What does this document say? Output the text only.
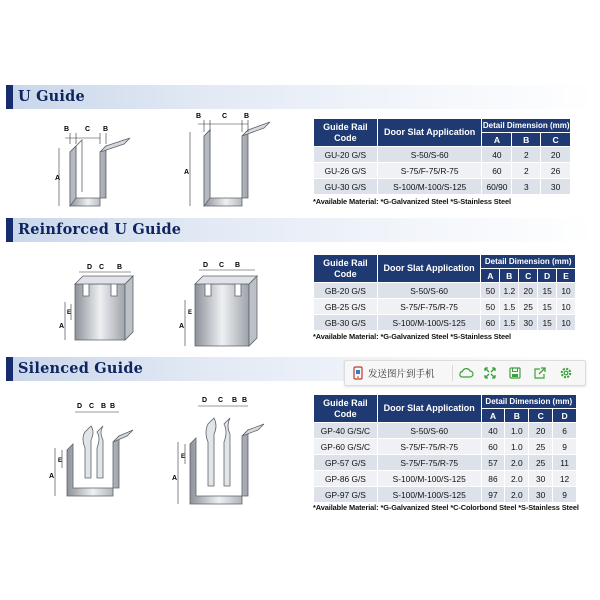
U Guide
B C B
A
B	C B
A
Guide Rail Code	Door Slat Application	Detail Dimension (mm)		
		A	B	C
GU-20 G/S	S-50/S-60	40	2	20
GU-26 G/S	S-75/F-75/R-75	60	2	26
GU-30 G/S	S-100/M-100/S-125	60/90	3	30
*Available Material: *G-Galvanized Steel *S-Stainless Steel
Reinforced U Guide
D C B
E
A
D C B
E
A
Guide Rail Code	Door Slat Application	Detail Dimension (mm)				
		A	B	C	D	E
GB-20 G/S	S-50/S-60	50	1.2	20	15	10
GB-25 G/S	S-75/F-75/R-75	50	1.5	25	15	10
GB-30 G/S	S-100/M-100/S-125	60	1.5	30	15	10
*Available Material: *G-Galvanized Steel *S-Stainless Steel
Silenced Guide	发送图片到手机
D C B B
E
A
D C B B
E
A
Guide Rail Code	Door Slat Application	Detail Dimension (mm)			
		A	B	C	D
GP-40 G/S/C	S-50/S-60	40	1.0	20	6
GP-60 G/S/C	S-75/F-75/R-75	60	1.0	25	9
GP-57 G/S	S-75/F-75/R-75	57	2.0	25	11
GP-86 G/S	S-100/M-100/S-125	86	2.0	30	12
GP-97 G/S	S-100/M-100/S-125	97	2.0	30	9
*Available Material: *G-Galvanized Steel *C-Colorbond Steel *S-Stainless Steel
